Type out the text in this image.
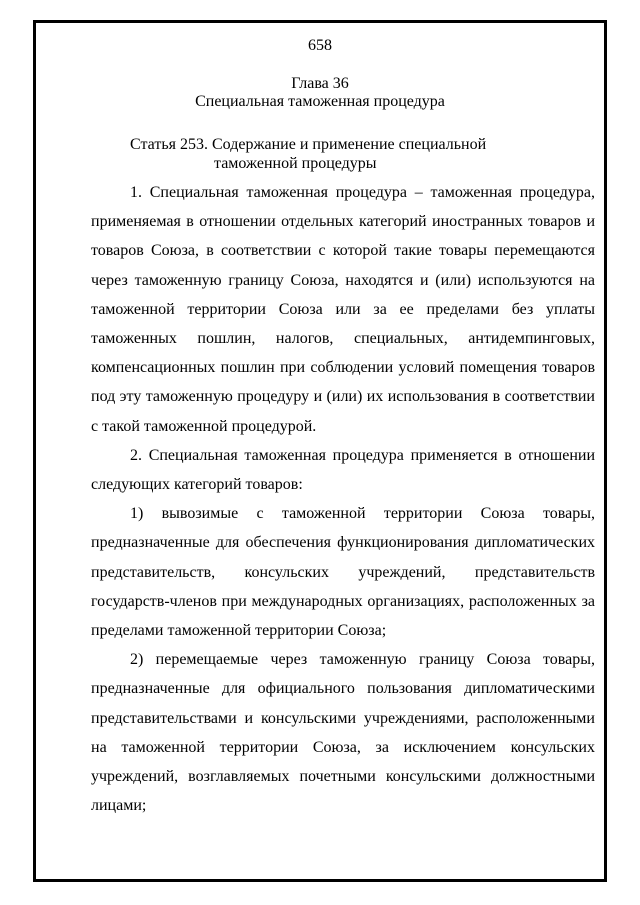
658
Глава 36
Специальная таможенная процедура
Статья 253. Содержание и применение специальной
таможенной процедуры

1. Специальная таможенная процедура – таможенная процедура, применяемая в отношении отдельных категорий иностранных товаров и товаров Союза, в соответствии с которой такие товары перемещаются через таможенную границу Союза, находятся и (или) используются на таможенной территории Союза или за ее пределами без уплаты таможенных пошлин, налогов, специальных, антидемпинговых, компенсационных пошлин при соблюдении условий помещения товаров под эту таможенную процедуру и (или) их использования в соответствии с такой таможенной процедурой.

2. Специальная таможенная процедура применяется в отношении следующих категорий товаров:

1) вывозимые с таможенной территории Союза товары, предназначенные для обеспечения функционирования дипломатических представительств, консульских учреждений, представительств государств-членов при международных организациях, расположенных за пределами таможенной территории Союза;

2) перемещаемые через таможенную границу Союза товары, предназначенные для официального пользования дипломатическими представительствами и консульскими учреждениями, расположенными на таможенной территории Союза, за исключением консульских учреждений, возглавляемых почетными консульскими должностными лицами;
